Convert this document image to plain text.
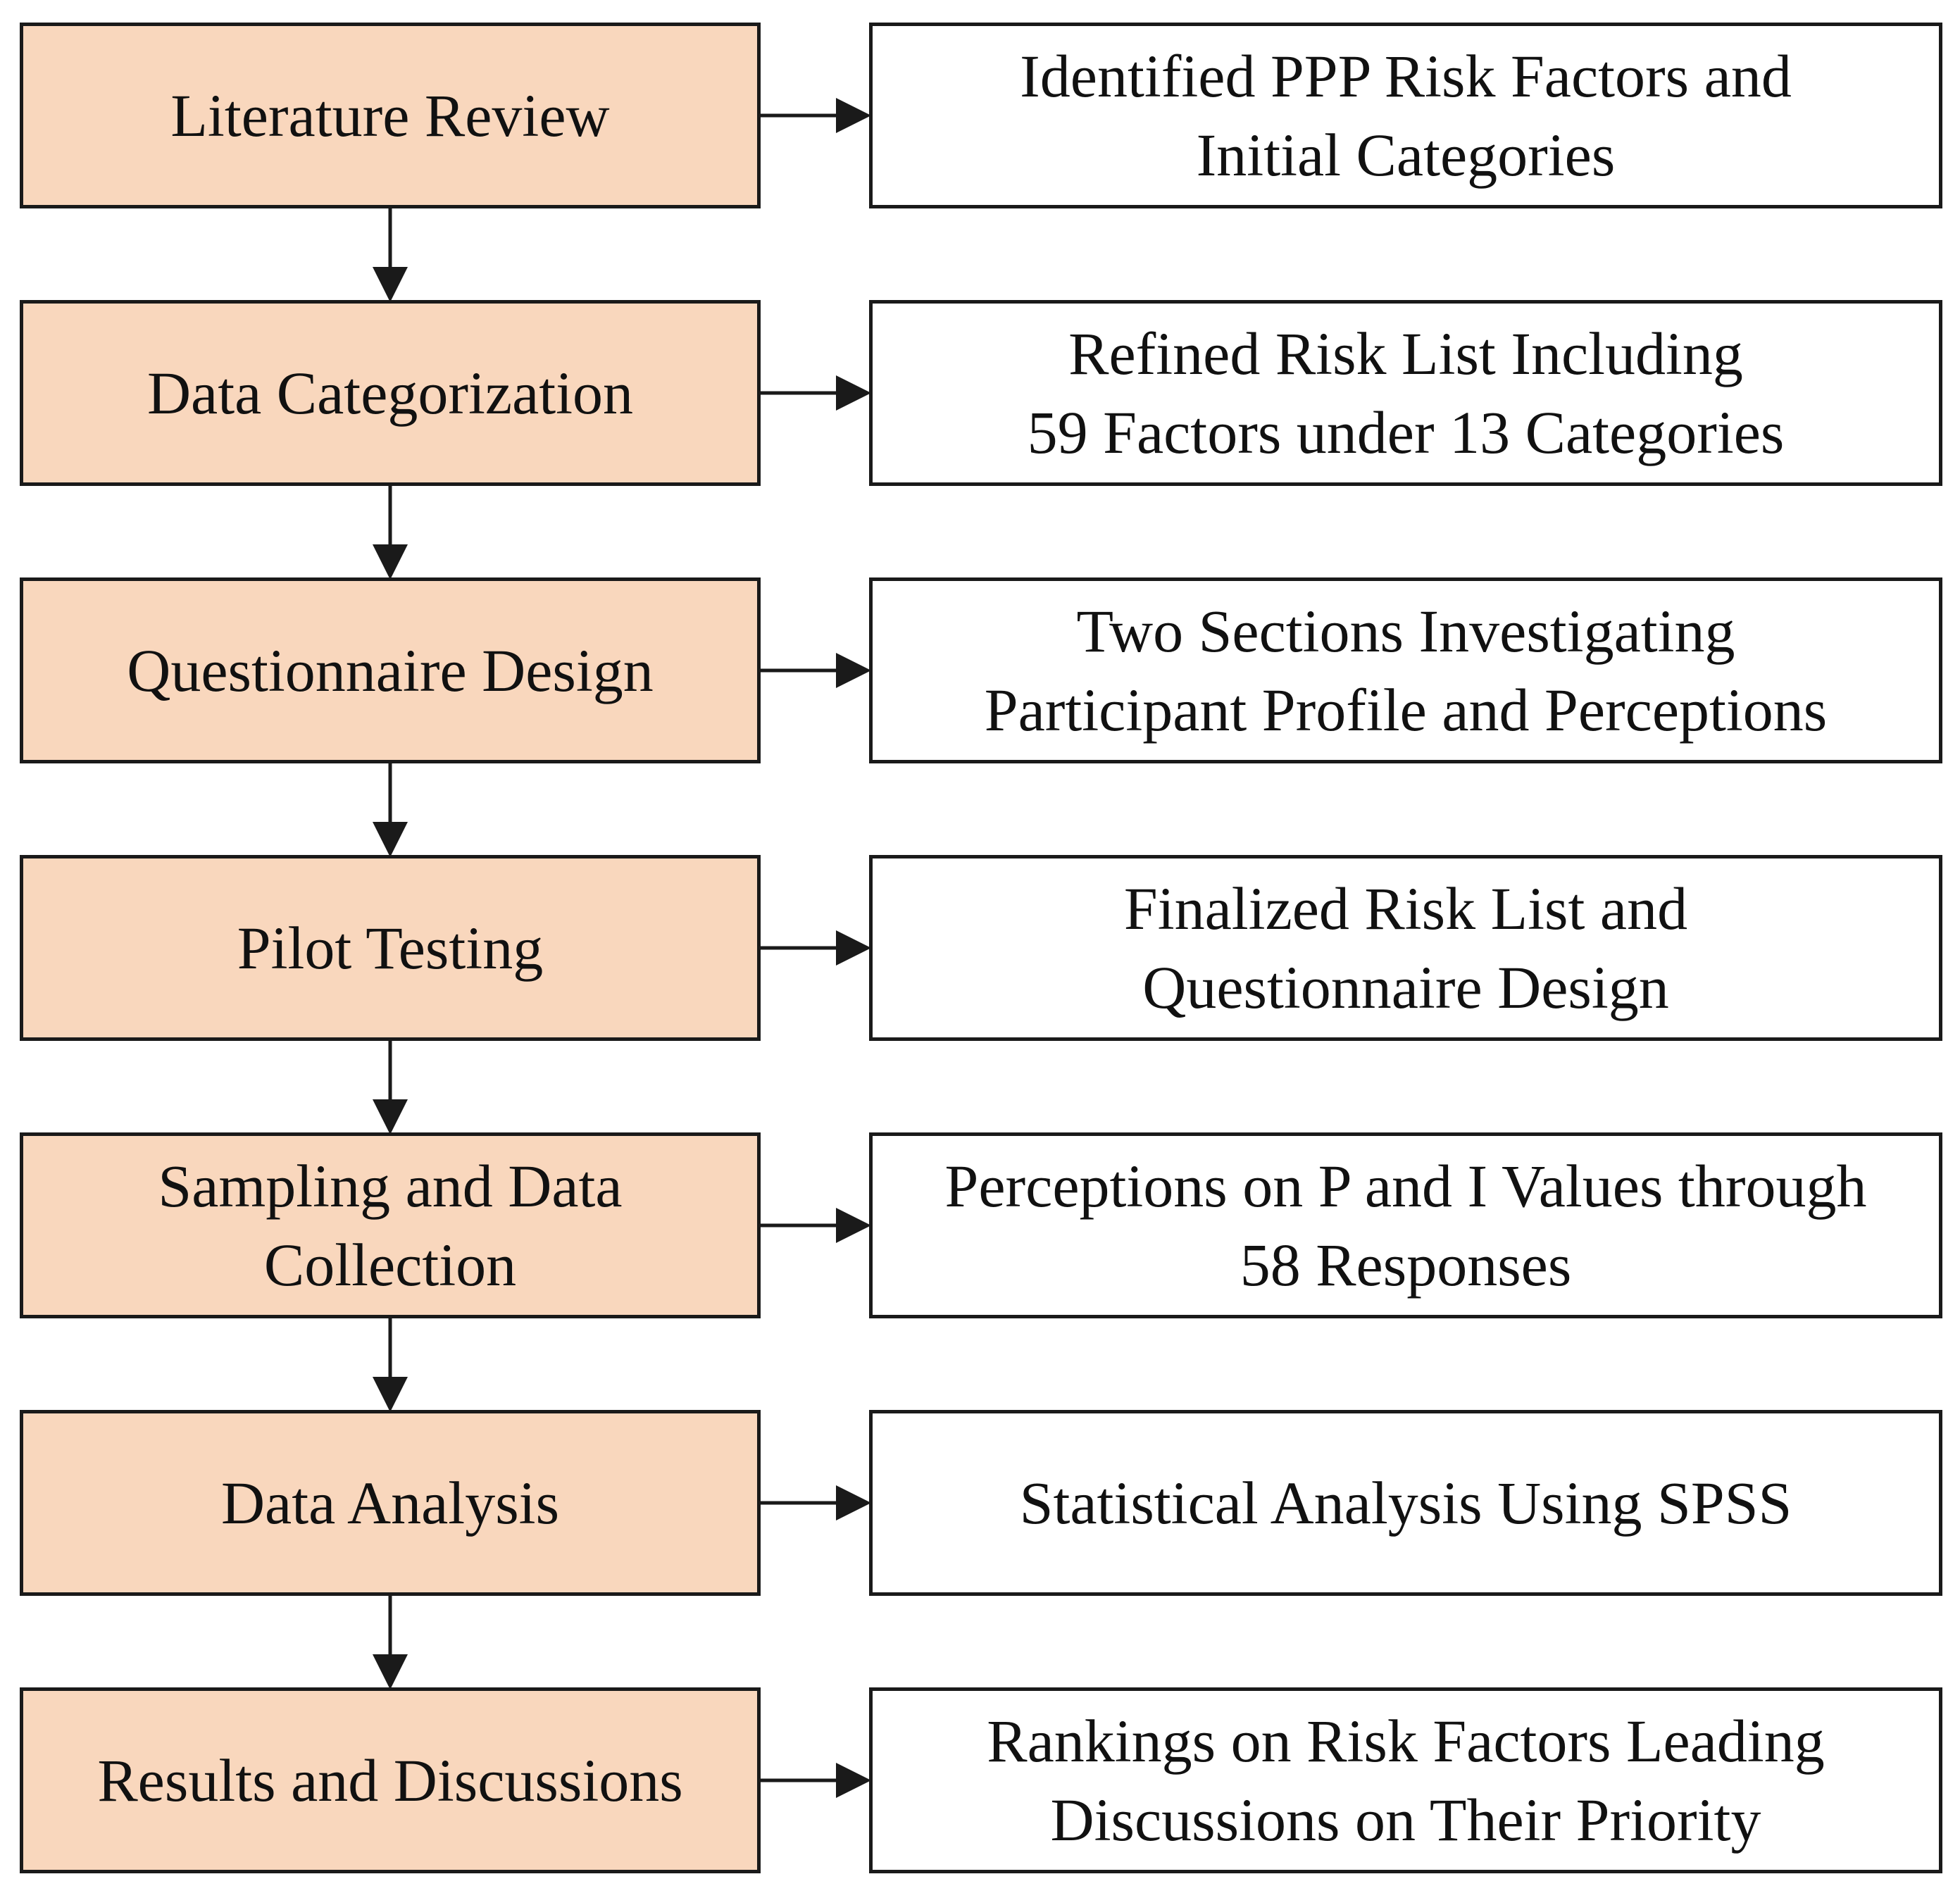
Literature Review
Identified PPP Risk Factors and
Initial Categories
Data Categorization
Refined Risk List Including
59 Factors under 13 Categories
Questionnaire Design
Two Sections Investigating
Participant Profile and Perceptions
Pilot Testing
Finalized Risk List and
Questionnaire Design
Sampling and Data
Collection
Perceptions on P and I Values through
58 Responses
Data Analysis	Statistical Analysis Using SPSS
Results and Discussions
Rankings on Risk Factors Leading
Discussions on Their Priority
